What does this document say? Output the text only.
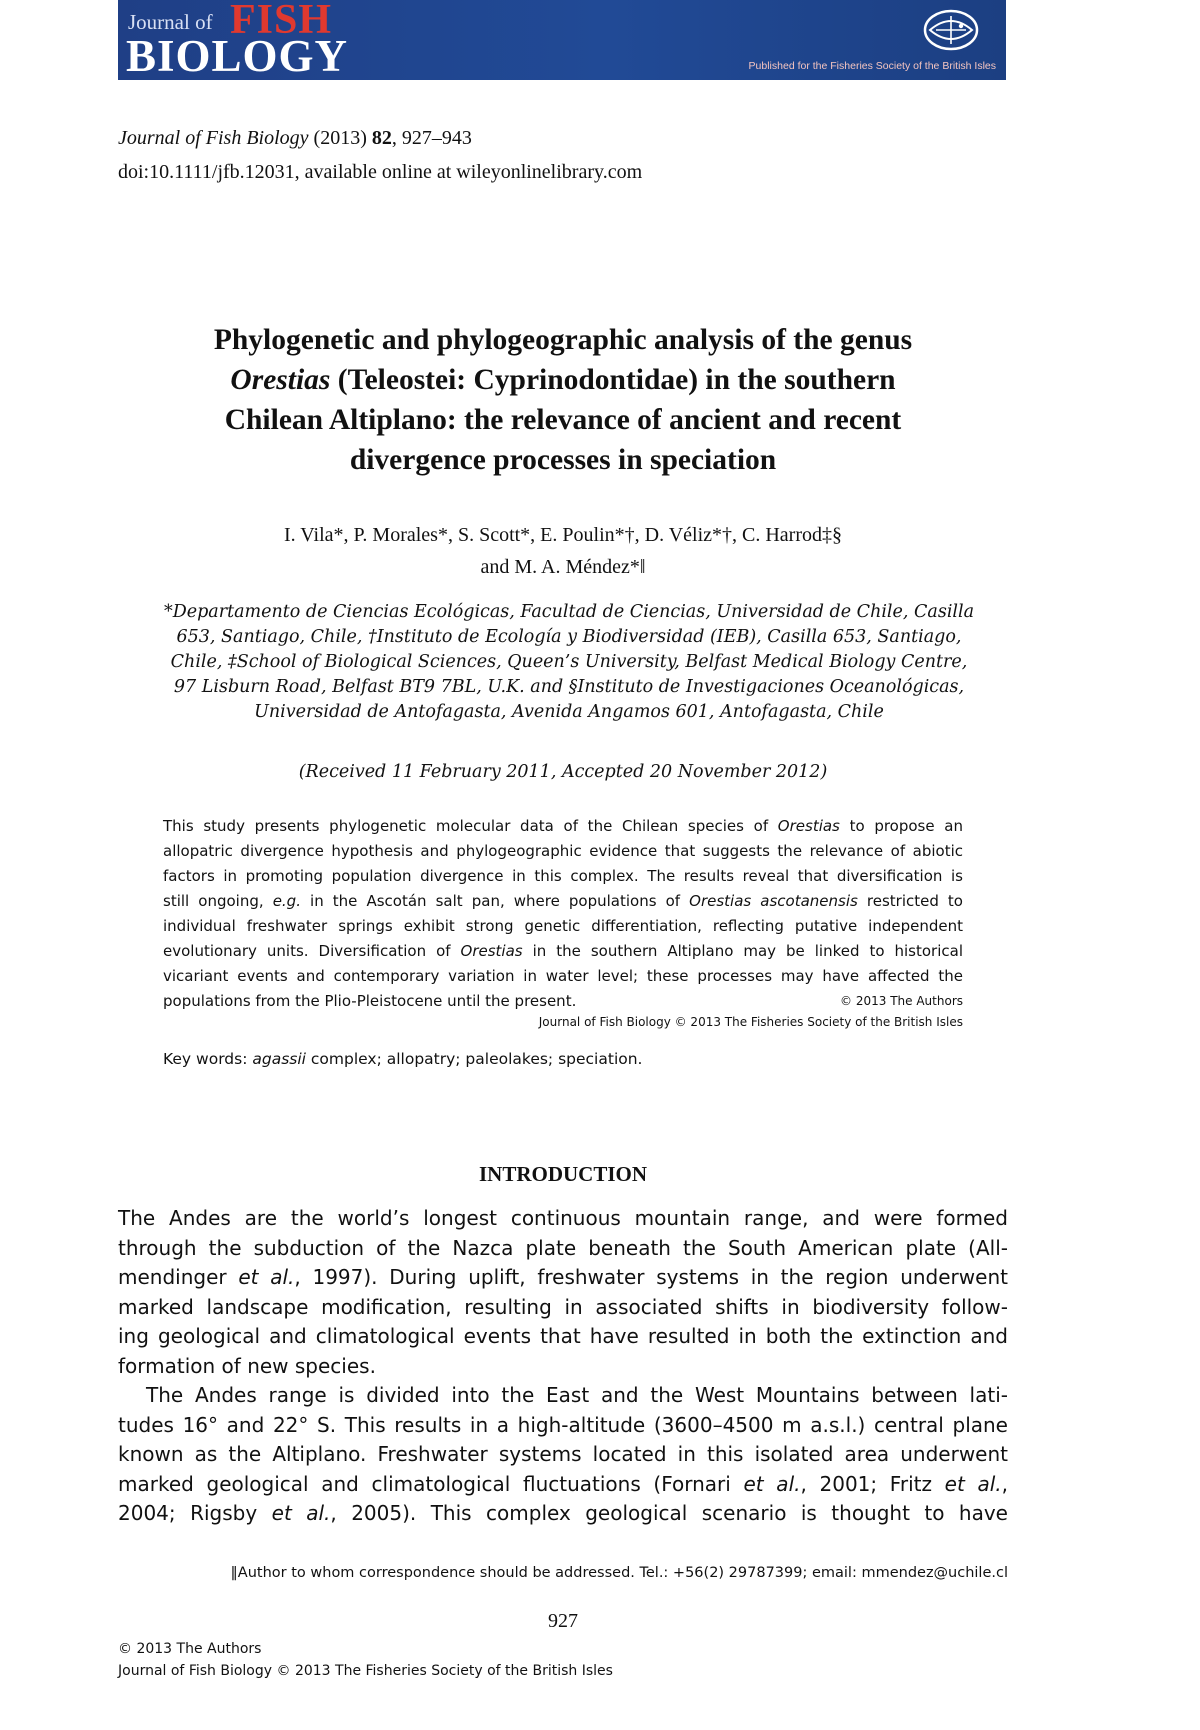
Journal of FISH
BIOLOGY	Published for the Fisheries Society of the British Isles
Journal of Fish Biology (2013) 82, 927–943
doi:10.1111/jfb.12031, available online at wileyonlinelibrary.com
Phylogenetic and phylogeographic analysis of the genus
Orestias (Teleostei: Cyprinodontidae) in the southern
Chilean Altiplano: the relevance of ancient and recent
divergence processes in speciation
I. Vila*, P. Morales*, S. Scott*, E. Poulin*†, D. Véliz*†, C. Harrod‡§
and M. A. Méndez*‖
*Departamento de Ciencias Ecológicas, Facultad de Ciencias, Universidad de Chile, Casilla
653, Santiago, Chile, †Instituto de Ecología y Biodiversidad (IEB), Casilla 653, Santiago,
Chile, ‡School of Biological Sciences, Queen’s University, Belfast Medical Biology Centre,
97 Lisburn Road, Belfast BT9 7BL, U.K. and §Instituto de Investigaciones Oceanológicas,
Universidad de Antofagasta, Avenida Angamos 601, Antofagasta, Chile
(Received 11 February 2011, Accepted 20 November 2012)
This study presents phylogenetic molecular data of the Chilean species of Orestias to propose an
allopatric divergence hypothesis and phylogeographic evidence that suggests the relevance of abiotic
factors in promoting population divergence in this complex. The results reveal that diversification is
still ongoing, e.g. in the Ascotán salt pan, where populations of Orestias ascotanensis restricted to
individual freshwater springs exhibit strong genetic differentiation, reflecting putative independent
evolutionary units. Diversification of Orestias in the southern Altiplano may be linked to historical
vicariant events and contemporary variation in water level; these processes may have affected the
populations from the Plio-Pleistocene until the present.	© 2013 The Authors
Journal of Fish Biology © 2013 The Fisheries Society of the British Isles
Key words: agassii complex; allopatry; paleolakes; speciation.
INTRODUCTION
The Andes are the world’s longest continuous mountain range, and were formed
through the subduction of the Nazca plate beneath the South American plate (All-
mendinger et al., 1997). During uplift, freshwater systems in the region underwent
marked landscape modification, resulting in associated shifts in biodiversity follow-
ing geological and climatological events that have resulted in both the extinction and
formation of new species.
The Andes range is divided into the East and the West Mountains between lati-
tudes 16° and 22° S. This results in a high-altitude (3600–4500 m a.s.l.) central plane
known as the Altiplano. Freshwater systems located in this isolated area underwent
marked geological and climatological fluctuations (Fornari et al., 2001; Fritz et al.,
2004; Rigsby et al., 2005). This complex geological scenario is thought to have
‖Author to whom correspondence should be addressed. Tel.: +56(2) 29787399; email: mmendez@uchile.cl
927
© 2013 The Authors
Journal of Fish Biology © 2013 The Fisheries Society of the British Isles
